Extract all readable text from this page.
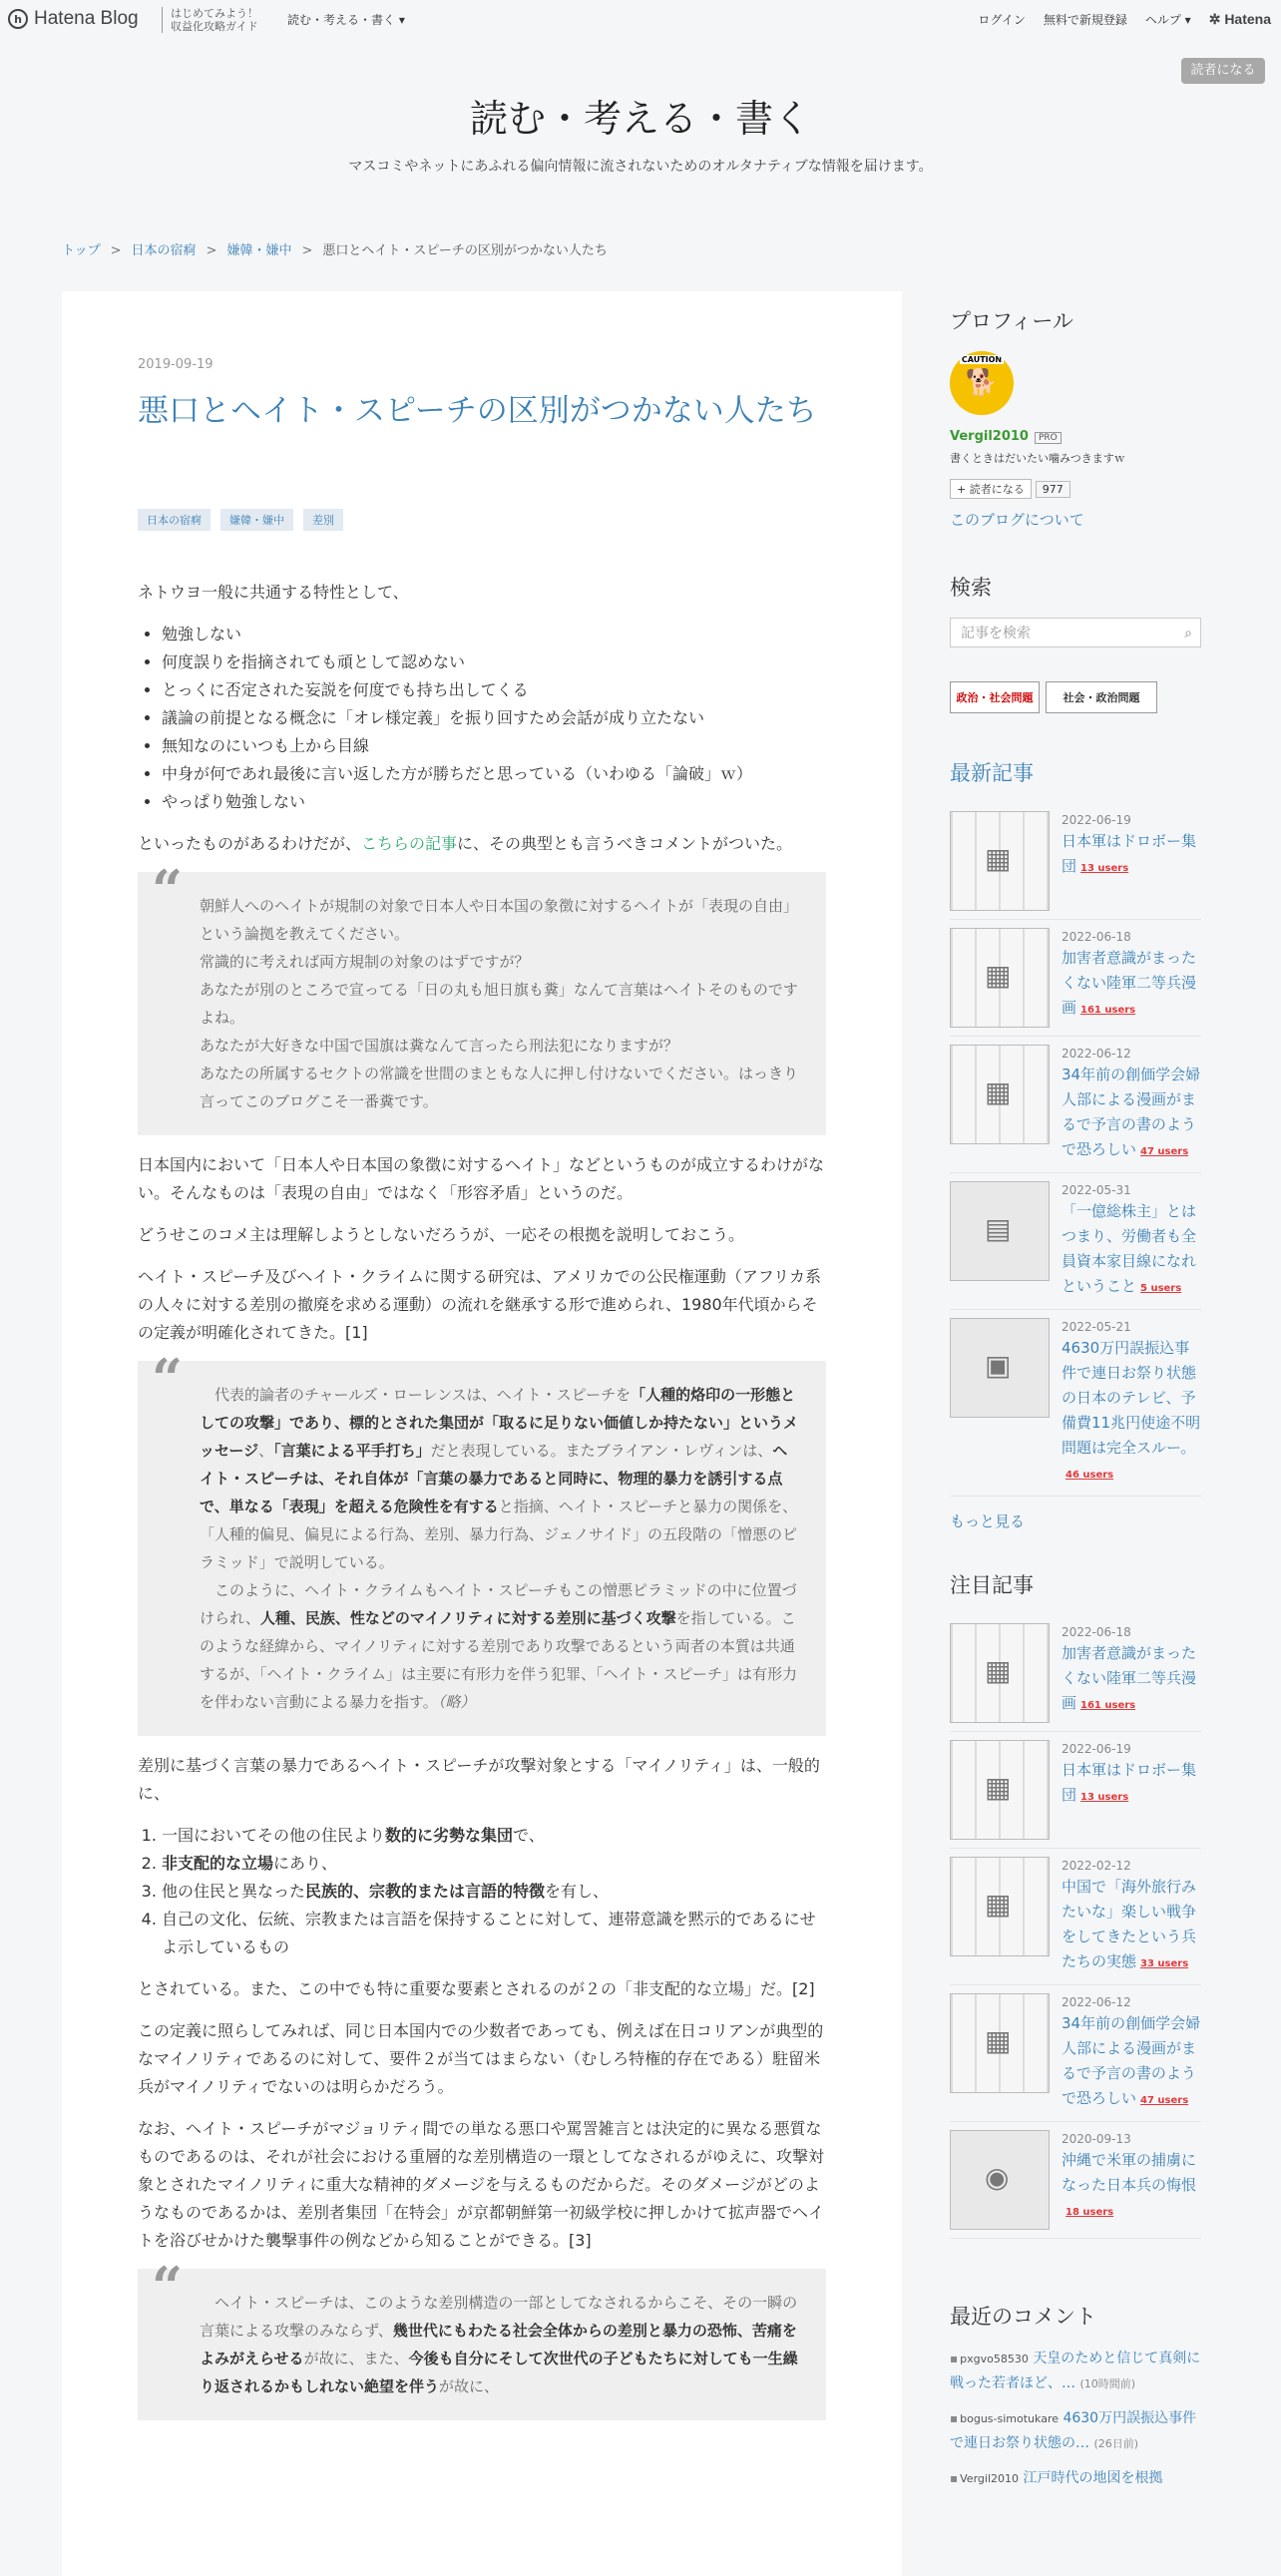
h Hatena Blog	はじめてみよう！
収益化攻略ガイド 読む・考える・書く ▾	ログイン 無料で新規登録 ヘルプ ▾ ✲ Hatena
読者になる
読む・考える・書く
マスコミやネットにあふれる偏向情報に流されないためのオルタナティブな情報を届けます。
トップ > 日本の宿痾 > 嫌韓・嫌中 > 悪口とヘイト・スピーチの区別がつかない人たち
2019-09-19
悪口とヘイト・スピーチの区別がつかない人たち
日本の宿痾	嫌韓・嫌中	差別

ネトウヨ一般に共通する特性として、

• 勉強しない
• 何度誤りを指摘されても頑として認めない
• とっくに否定された妄説を何度でも持ち出してくる
• 議論の前提となる概念に「オレ様定義」を振り回すため会話が成り立たない
• 無知なのにいつも上から目線
• 中身が何であれ最後に言い返した方が勝ちだと思っている（いわゆる「論破」ｗ）
• やっぱり勉強しない

といったものがあるわけだが、こちらの記事に、その典型とも言うべきコメントがついた。

“ 朝鮮人へのヘイトが規制の対象で日本人や日本国の象徴に対するヘイトが「表現の自由」という論拠を教えてください。
常識的に考えれば両方規制の対象のはずですが？
あなたが別のところで宣ってる「日の丸も旭日旗も糞」なんて言葉はヘイトそのものですよね。
あなたが大好きな中国で国旗は糞なんて言ったら刑法犯になりますが？
あなたの所属するセクトの常識を世間のまともな人に押し付けないでください。はっきり言ってこのブログこそ一番糞です。

日本国内において「日本人や日本国の象徴に対するヘイト」などというものが成立するわけがない。そんなものは「表現の自由」ではなく「形容矛盾」というのだ。

どうせこのコメ主は理解しようとしないだろうが、一応その根拠を説明しておこう。

ヘイト・スピーチ及びヘイト・クライムに関する研究は、アメリカでの公民権運動（アフリカ系の人々に対する差別の撤廃を求める運動）の流れを継承する形で進められ、1980年代頃からその定義が明確化されてきた。[1]

“ 　代表的論者のチャールズ・ローレンスは、ヘイト・スピーチを「人種的烙印の一形態としての攻撃」であり、標的とされた集団が「取るに足りない価値しか持たない」というメッセージ、「言葉による平手打ち」だと表現している。またブライアン・レヴィンは、ヘイト・スピーチは、それ自体が「言葉の暴力であると同時に、物理的暴力を誘引する点で、単なる「表現」を超える危険性を有すると指摘、ヘイト・スピーチと暴力の関係を、「人種的偏見、偏見による行為、差別、暴力行為、ジェノサイド」の五段階の「憎悪のピラミッド」で説明している。
　このように、ヘイト・クライムもヘイト・スピーチもこの憎悪ピラミッドの中に位置づけられ、人種、民族、性などのマイノリティに対する差別に基づく攻撃を指している。このような経緯から、マイノリティに対する差別であり攻撃であるという両者の本質は共通するが、「ヘイト・クライム」は主要に有形力を伴う犯罪、「ヘイト・スピーチ」は有形力を伴わない言動による暴力を指す。（略）

差別に基づく言葉の暴力であるヘイト・スピーチが攻撃対象とする「マイノリティ」は、一般的に、

1. 一国においてその他の住民より数的に劣勢な集団で、
2. 非支配的な立場にあり、
3. 他の住民と異なった民族的、宗教的または言語的特徴を有し、
4. 自己の文化、伝統、宗教または言語を保持することに対して、連帯意識を黙示的であるにせよ示しているもの

とされている。また、この中でも特に重要な要素とされるのが２の「非支配的な立場」だ。[2]

この定義に照らしてみれば、同じ日本国内での少数者であっても、例えば在日コリアンが典型的なマイノリティであるのに対して、要件２が当てはまらない（むしろ特権的存在である）駐留米兵がマイノリティでないのは明らかだろう。

なお、ヘイト・スピーチがマジョリティ間での単なる悪口や罵詈雑言とは決定的に異なる悪質なものであるのは、それが社会における重層的な差別構造の一環としてなされるがゆえに、攻撃対象とされたマイノリティに重大な精神的ダメージを与えるものだからだ。そのダメージがどのようなものであるかは、差別者集団「在特会」が京都朝鮮第一初級学校に押しかけて拡声器でヘイトを浴びせかけた襲撃事件の例などから知ることができる。[3]

“ 　ヘイト・スピーチは、このような差別構造の一部としてなされるからこそ、その一瞬の言葉による攻撃のみならず、幾世代にもわたる社会全体からの差別と暴力の恐怖、苦痛をよみがえらせるが故に、また、今後も自分にそして次世代の子どもたちに対しても一生繰り返されるかもしれない絶望を伴うが故に、
プロフィール
CAUTION
🐕
Vergil2010 PRO
書くときはだいたい噛みつきますｗ
+ 読者になる 977
このブログについて
検索
記事を検索	⌕
政治・社会問題	社会・政治問題
最新記事
▦
2022-06-19
日本軍はドロボー集団 13 users
▦
2022-06-18
加害者意識がまったくない陸軍二等兵漫画 161 users
▦
2022-06-12
34年前の創価学会婦人部による漫画がまるで予言の書のようで恐ろしい 47 users
▤
2022-05-31
「一億総株主」とはつまり、労働者も全員資本家目線になれということ 5 users
▣
2022-05-21
4630万円誤振込事件で連日お祭り状態の日本のテレビ、予備費11兆円使途不明問題は完全スルー。46 users
もっと見る
注目記事
▦
2022-06-18
加害者意識がまったくない陸軍二等兵漫画 161 users
▦
2022-06-19
日本軍はドロボー集団 13 users
▦
2022-02-12
中国で「海外旅行みたいな」楽しい戦争をしてきたという兵たちの実態 33 users
▦
2022-06-12
34年前の創価学会婦人部による漫画がまるで予言の書のようで恐ろしい 47 users
◉
2020-09-13
沖縄で米軍の捕虜になった日本兵の悔恨18 users
最近のコメント
▪ pxgvo58530 天皇のためと信じて真剣に戦った若者ほど、… (10時間前)
▪ bogus-simotukare 4630万円誤振込事件で連日お祭り状態の… (26日前)
▪ Vergil2010 江戸時代の地図を根拠
